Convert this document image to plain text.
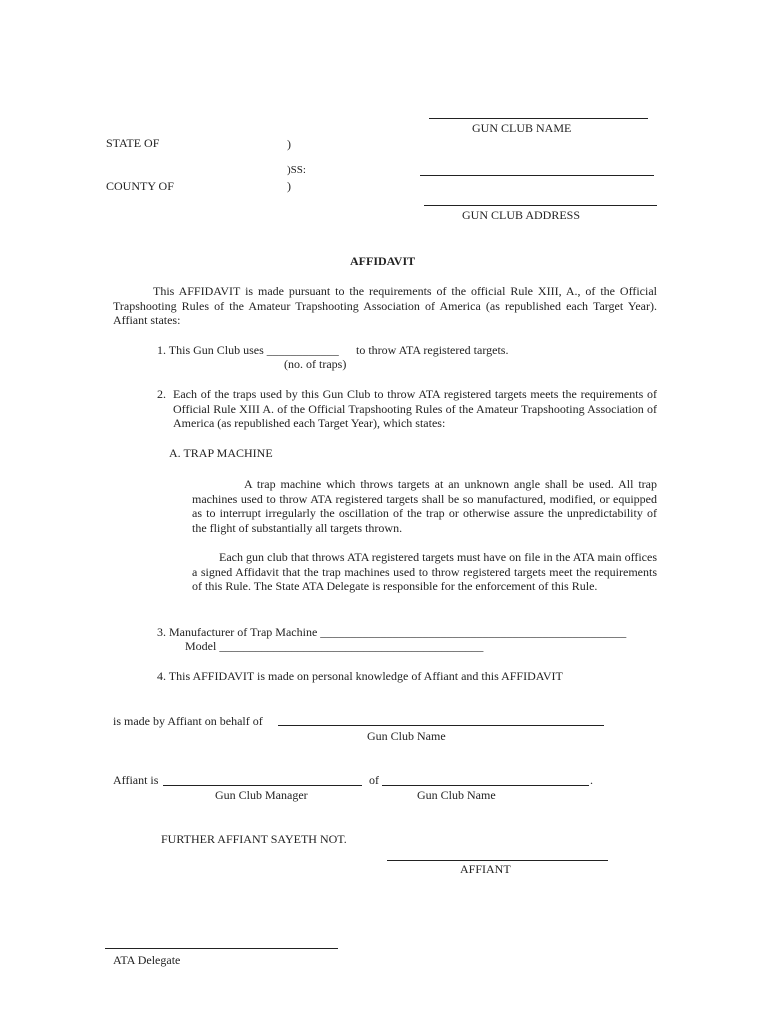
GUN CLUB NAME
STATE OF	)
)SS:
COUNTY OF	)
GUN CLUB ADDRESS
AFFIDAVIT
This AFFIDAVIT is made pursuant to the requirements of the official Rule XIII, A., of the Official Trapshooting Rules of the Amateur Trapshooting Association of America (as republished each Target Year). Affiant states:
1. This Gun Club uses ____________ to throw ATA registered targets.
(no. of traps)
2. Each of the traps used by this Gun Club to throw ATA registered targets meets the requirements of Official Rule XIII A. of the Official Trapshooting Rules of the Amateur Trapshooting Association of America (as republished each Target Year), which states:
A. TRAP MACHINE
A trap machine which throws targets at an unknown angle shall be used. All trap machines used to throw ATA registered targets shall be so manufactured, modified, or equipped as to interrupt irregularly the oscillation of the trap or otherwise assure the unpredictability of the flight of substantially all targets thrown.
Each gun club that throws ATA registered targets must have on file in the ATA main offices a signed Affidavit that the trap machines used to throw registered targets meet the requirements of this Rule. The State ATA Delegate is responsible for the enforcement of this Rule.
3. Manufacturer of Trap Machine ___________________________________________________
Model ____________________________________________
4. This AFFIDAVIT is made on personal knowledge of Affiant and this AFFIDAVIT
is made by Affiant on behalf of
Gun Club Name
Affiant is	of	.
Gun Club Manager	Gun Club Name
FURTHER AFFIANT SAYETH NOT.
AFFIANT
ATA Delegate
